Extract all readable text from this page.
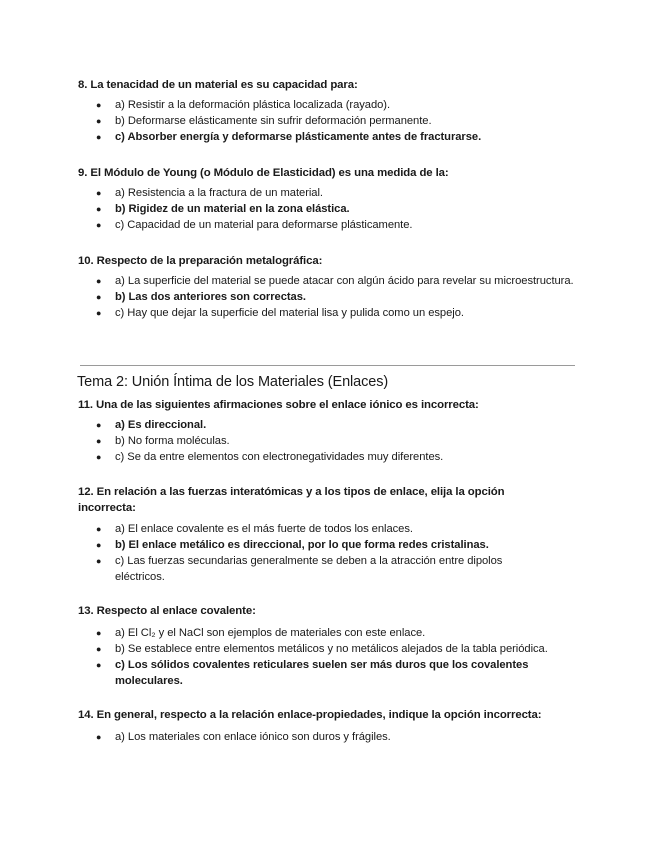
8. La tenacidad de un material es su capacidad para:
● a) Resistir a la deformación plástica localizada (rayado).
● b) Deformarse elásticamente sin sufrir deformación permanente.
● c) Absorber energía y deformarse plásticamente antes de fracturarse.
9. El Módulo de Young (o Módulo de Elasticidad) es una medida de la:
● a) Resistencia a la fractura de un material.
● b) Rigidez de un material en la zona elástica.
● c) Capacidad de un material para deformarse plásticamente.
10. Respecto de la preparación metalográfica:
● a) La superficie del material se puede atacar con algún ácido para revelar su microestructura.
● b) Las dos anteriores son correctas.
● c) Hay que dejar la superficie del material lisa y pulida como un espejo.
Tema 2: Unión Íntima de los Materiales (Enlaces)
11. Una de las siguientes afirmaciones sobre el enlace iónico es incorrecta:
● a) Es direccional.
● b) No forma moléculas.
● c) Se da entre elementos con electronegatividades muy diferentes.
12. En relación a las fuerzas interatómicas y a los tipos de enlace, elija la opción incorrecta:
● a) El enlace covalente es el más fuerte de todos los enlaces.
● b) El enlace metálico es direccional, por lo que forma redes cristalinas.
● c) Las fuerzas secundarias generalmente se deben a la atracción entre dipolos eléctricos.
13. Respecto al enlace covalente:
● a) El Cl₂ y el NaCl son ejemplos de materiales con este enlace.
● b) Se establece entre elementos metálicos y no metálicos alejados de la tabla periódica.
● c) Los sólidos covalentes reticulares suelen ser más duros que los covalentes moleculares.
14. En general, respecto a la relación enlace-propiedades, indique la opción incorrecta:
● a) Los materiales con enlace iónico son duros y frágiles.
